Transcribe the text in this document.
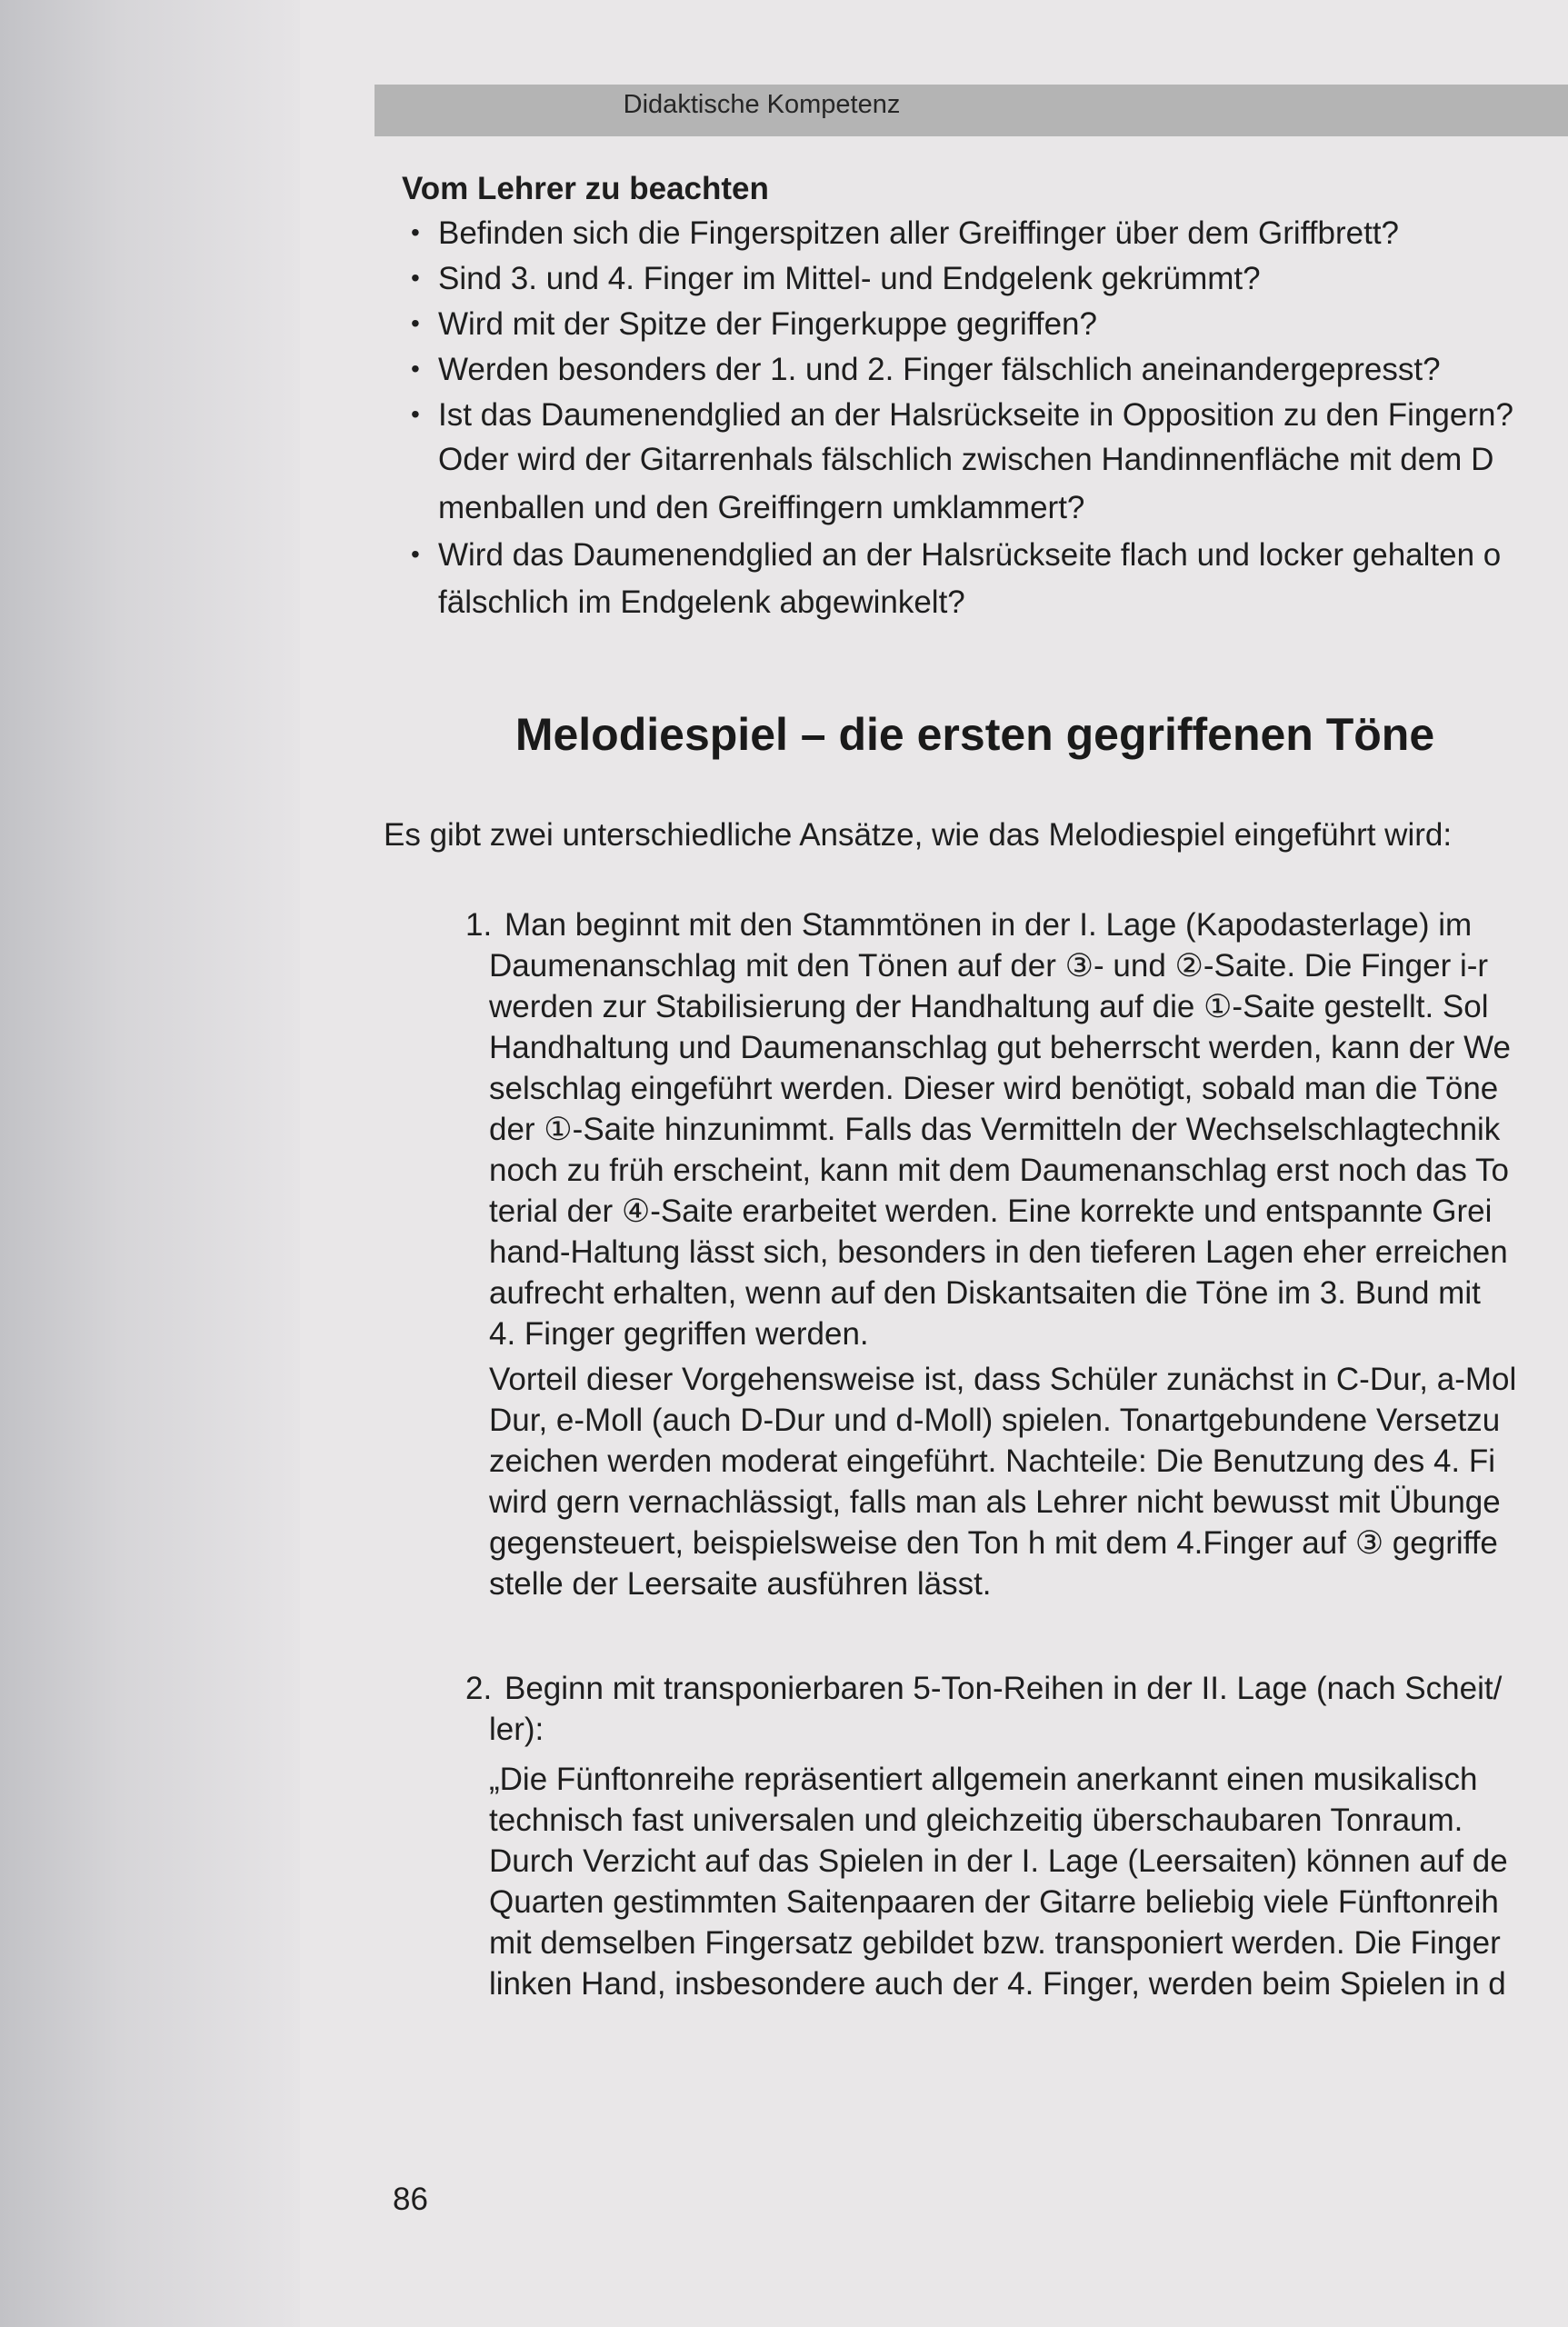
Didaktische Kompetenz
Vom Lehrer zu beachten
• Befinden sich die Fingerspitzen aller Greiffinger über dem Griffbrett?
• Sind 3. und 4. Finger im Mittel- und Endgelenk gekrümmt?
• Wird mit der Spitze der Fingerkuppe gegriffen?
• Werden besonders der 1. und 2. Finger fälschlich aneinandergepresst?
• Ist das Daumenendglied an der Halsrückseite in Opposition zu den Fingern?
Oder wird der Gitarrenhals fälschlich zwischen Handinnenfläche mit dem D
menballen und den Greiffingern umklammert?
• Wird das Daumenendglied an der Halsrückseite flach und locker gehalten o
fälschlich im Endgelenk abgewinkelt?
Melodiespiel – die ersten gegriffenen Töne
Es gibt zwei unterschiedliche Ansätze, wie das Melodiespiel eingeführt wird:
1. Man beginnt mit den Stammtönen in der I. Lage (Kapodasterlage) im
Daumenanschlag mit den Tönen auf der ③- und ②-Saite. Die Finger i-r
werden zur Stabilisierung der Handhaltung auf die ①-Saite gestellt. Sol
Handhaltung und Daumenanschlag gut beherrscht werden, kann der We
selschlag eingeführt werden. Dieser wird benötigt, sobald man die Töne
der ①-Saite hinzunimmt. Falls das Vermitteln der Wechselschlagtechnik
noch zu früh erscheint, kann mit dem Daumenanschlag erst noch das To
terial der ④-Saite erarbeitet werden. Eine korrekte und entspannte Grei
hand-Haltung lässt sich, besonders in den tieferen Lagen eher erreichen
aufrecht erhalten, wenn auf den Diskantsaiten die Töne im 3. Bund mit
4. Finger gegriffen werden.
Vorteil dieser Vorgehensweise ist, dass Schüler zunächst in C-Dur, a-Mol
Dur, e-Moll (auch D-Dur und d-Moll) spielen. Tonartgebundene Versetzu
zeichen werden moderat eingeführt. Nachteile: Die Benutzung des 4. Fi
wird gern vernachlässigt, falls man als Lehrer nicht bewusst mit Übunge
gegensteuert, beispielsweise den Ton h mit dem 4.Finger auf ③ gegriffe
stelle der Leersaite ausführen lässt.
2. Beginn mit transponierbaren 5-Ton-Reihen in der II. Lage (nach Scheit/
ler):
„Die Fünftonreihe repräsentiert allgemein anerkannt einen musikalisch
technisch fast universalen und gleichzeitig überschaubaren Tonraum.
Durch Verzicht auf das Spielen in der I. Lage (Leersaiten) können auf de
Quarten gestimmten Saitenpaaren der Gitarre beliebig viele Fünftonreih
mit demselben Fingersatz gebildet bzw. transponiert werden. Die Finger
linken Hand, insbesondere auch der 4. Finger, werden beim Spielen in d
86
